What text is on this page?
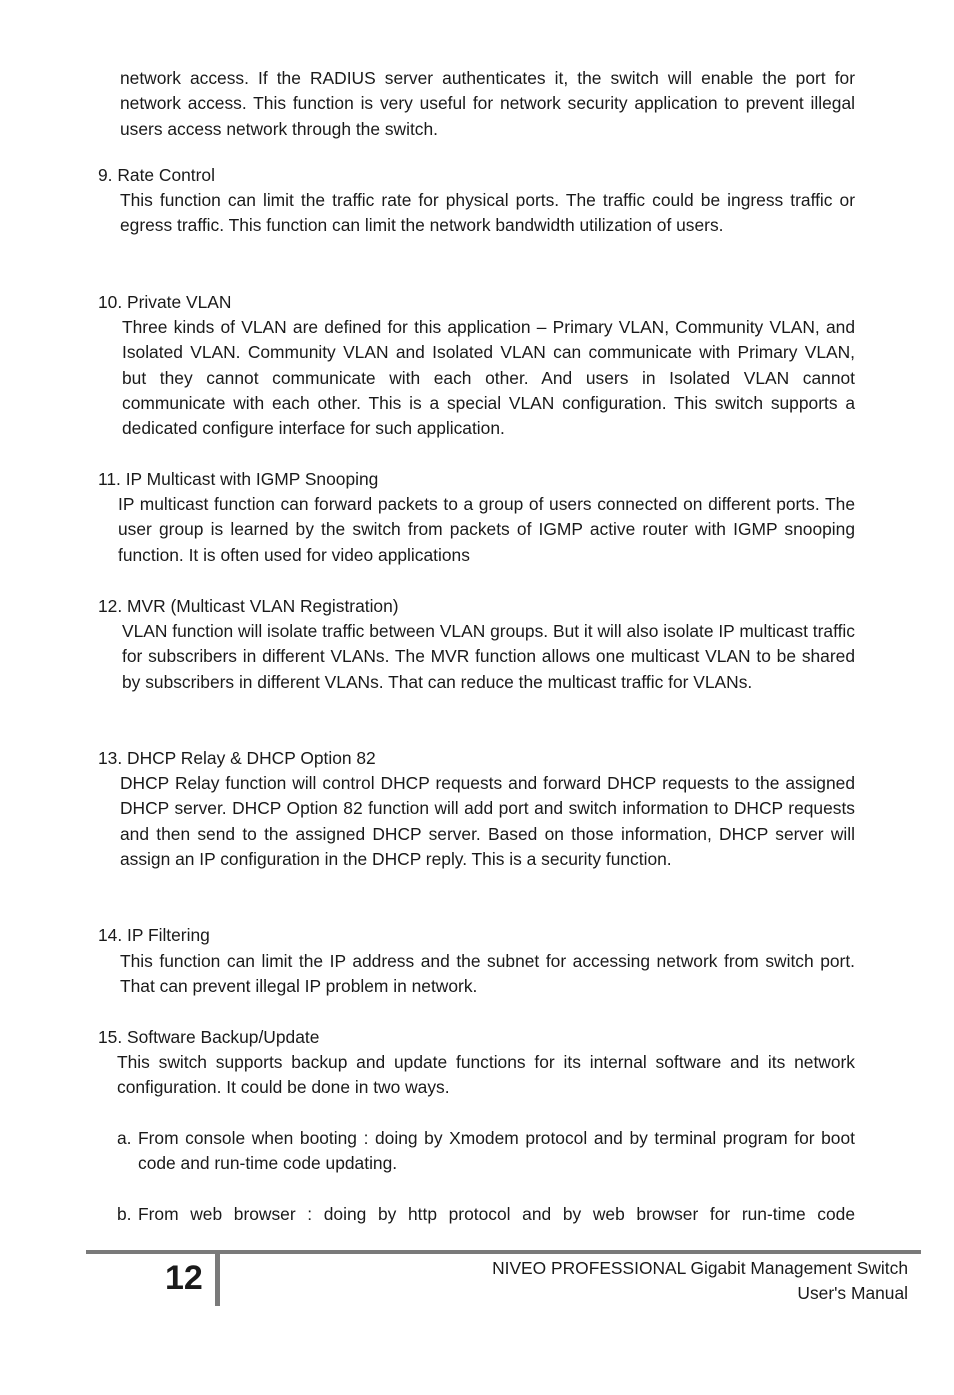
network access. If the RADIUS server authenticates it, the switch will enable the port for network access. This function is very useful for network security application to prevent illegal users access network through the switch.

9. Rate Control

This function can limit the traffic rate for physical ports. The traffic could be ingress traffic or egress traffic. This function can limit the network bandwidth utilization of users.

10. Private VLAN

Three kinds of VLAN are defined for this application – Primary VLAN, Community VLAN, and Isolated VLAN. Community VLAN and Isolated VLAN can communicate with Primary VLAN, but they cannot communicate with each other. And users in Isolated VLAN cannot communicate with each other. This is a special VLAN configuration. This switch supports a dedicated configure interface for such application.

11. IP Multicast with IGMP Snooping

IP multicast function can forward packets to a group of users connected on different ports. The user group is learned by the switch from packets of IGMP active router with IGMP snooping function. It is often used for video applications

12. MVR (Multicast VLAN Registration)

VLAN function will isolate traffic between VLAN groups. But it will also isolate IP multicast traffic for subscribers in different VLANs. The MVR function allows one multicast VLAN to be shared by subscribers in different VLANs. That can reduce the multicast traffic for VLANs.

13. DHCP Relay & DHCP Option 82

DHCP Relay function will control DHCP requests and forward DHCP requests to the assigned DHCP server. DHCP Option 82 function will add port and switch information to DHCP requests and then send to the assigned DHCP server. Based on those information, DHCP server will assign an IP configuration in the DHCP reply. This is a security function.

14. IP Filtering

This function can limit the IP address and the subnet for accessing network from switch port. That can prevent illegal IP problem in network.

15. Software Backup/Update

This switch supports backup and update functions for its internal software and its network configuration. It could be done in two ways.

a. From console when booting : doing by Xmodem protocol and by terminal program for boot code and run-time code updating.

b. From web browser : doing by http protocol and by web browser for run-time code

12	NIVEO PROFESSIONAL Gigabit Management Switch
User's Manual
